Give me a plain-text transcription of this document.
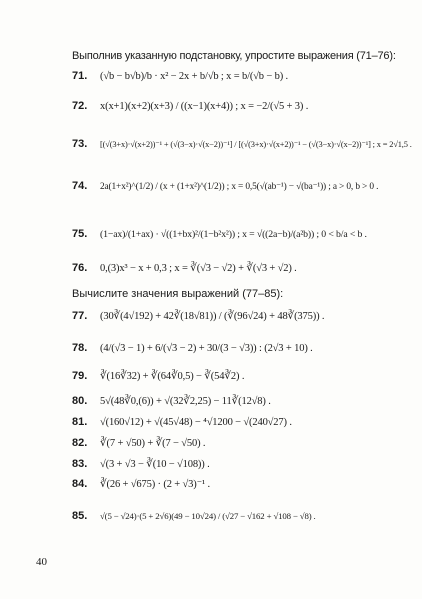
Выполнив указанную подстановку, упростите выражения (71–76):
71.	(√b − b√b)/b · x² − 2x + b/√b ; x = b/(√b − b) .
72.	x(x+1)(x+2)(x+3) / ((x−1)(x+4)) ; x = −2/(√5 + 3) .
73.	[(√(3+x)·√(x+2))⁻¹ + (√(3−x)·√(x−2))⁻¹] / [(√(3+x)·√(x+2))⁻¹ − (√(3−x)·√(x−2))⁻¹] ; x = 2√1,5 .
74.	2a(1+x²)^(1/2) / (x + (1+x²)^(1/2)) ; x = 0,5(√(ab⁻¹) − √(ba⁻¹)) ; a > 0, b > 0 .
75.	(1−ax)/(1+ax) · √((1+bx)²/(1−b²x²)) ; x = √((2a−b)/(a²b)) ; 0 < b/a < b .
76.	0,(3)x³ − x + 0,3 ; x = ∛(√3 − √2) + ∛(√3 + √2) .
Вычислите значения выражений (77–85):
77.	(30∛(4√192) + 42∛(18√81)) / (∛(96√24) + 48∛(375)) .
78.	(4/(√3 − 1) + 6/(√3 − 2) + 30/(3 − √3)) : (2√3 + 10) .
79.	∛(16∛32) + ∛(64∛0,5) − ∛(54∛2) .
80.	5√(48∛0,(6)) + √(32∛2,25) − 11∛(12√8) .
81.	√(160√12) + √(45√48) − ⁴√1200 − √(240√27) .
82.	∛(7 + √50) + ∛(7 − √50) .
83.	√(3 + √3 − ∛(10 − √108)) .
84.	∛(26 + √675) · (2 + √3)⁻¹ .
85.	√(5 − √24)·(5 + 2√6)(49 − 10√24) / (√27 − √162 + √108 − √8) .
40
